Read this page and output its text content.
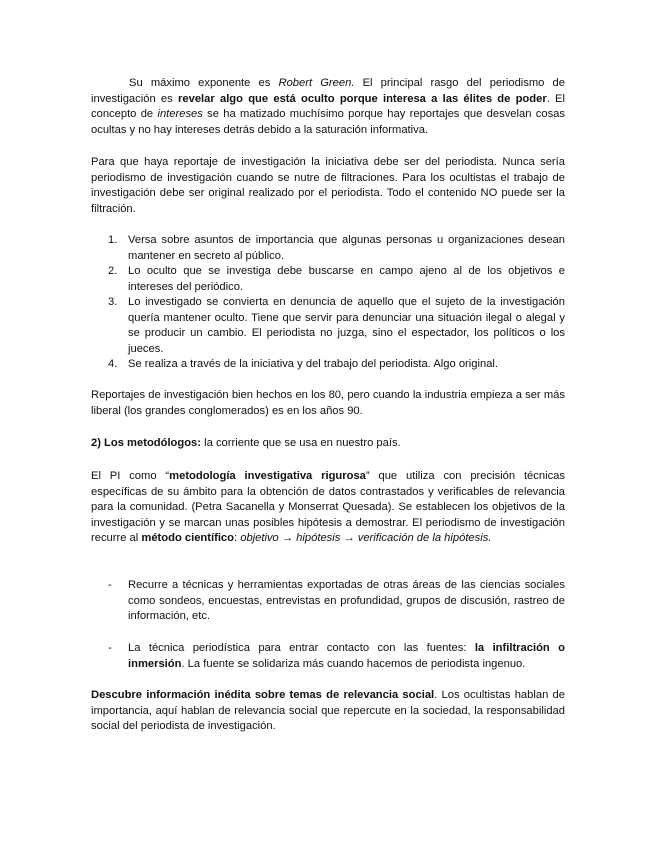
Su máximo exponente es Robert Green. El principal rasgo del periodismo de investigación es revelar algo que está oculto porque interesa a las élites de poder. El concepto de intereses se ha matizado muchísimo porque hay reportajes que desvelan cosas ocultas y no hay intereses detrás debido a la saturación informativa.

Para que haya reportaje de investigación la iniciativa debe ser del periodista. Nunca sería periodismo de investigación cuando se nutre de filtraciones. Para los ocultistas el trabajo de investigación debe ser original realizado por el periodista. Todo el contenido NO puede ser la filtración.

1. Versa sobre asuntos de importancia que algunas personas u organizaciones desean mantener en secreto al público.
2. Lo oculto que se investiga debe buscarse en campo ajeno al de los objetivos e intereses del periódico.
3. Lo investigado se convierta en denuncia de aquello que el sujeto de la investigación quería mantener oculto. Tiene que servir para denunciar una situación ilegal o alegal y se producir un cambio. El periodista no juzga, sino el espectador, los políticos o los jueces.
4. Se realiza a través de la iniciativa y del trabajo del periodista. Algo original.

Reportajes de investigación bien hechos en los 80, pero cuando la industria empieza a ser más liberal (los grandes conglomerados) es en los años 90.

2) Los metodólogos: la corriente que se usa en nuestro país.

El PI como “metodología investigativa rigurosa” que utiliza con precisión técnicas específicas de su ámbito para la obtención de datos contrastados y verificables de relevancia para la comunidad. (Petra Sacanella y Monserrat Quesada). Se establecen los objetivos de la investigación y se marcan unas posibles hipótesis a demostrar. El periodismo de investigación recurre al método científico: objetivo → hipótesis → verificación de la hipótesis.

- Recurre a técnicas y herramientas exportadas de otras áreas de las ciencias sociales como sondeos, encuestas, entrevistas en profundidad, grupos de discusión, rastreo de información, etc.
- La técnica periodística para entrar contacto con las fuentes: la infiltración o inmersión. La fuente se solidariza más cuando hacemos de periodista ingenuo.

Descubre información inédita sobre temas de relevancia social. Los ocultistas hablan de importancia, aquí hablan de relevancia social que repercute en la sociedad, la responsabilidad social del periodista de investigación.
